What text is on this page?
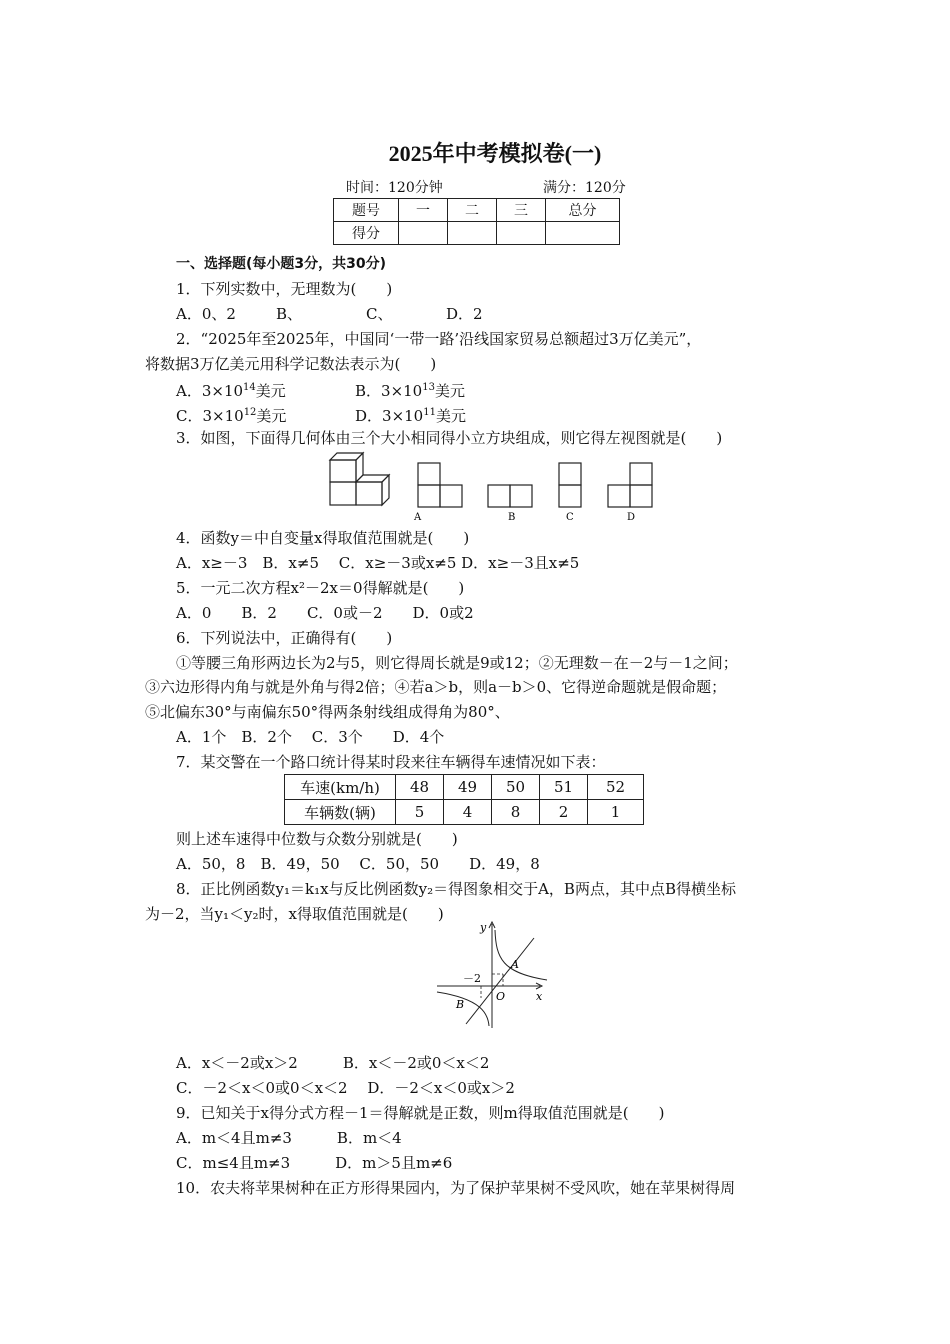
2025年中考模拟卷(一)
时间：120分钟	满分：120分
题号	一	二	三	总分
得分				
一、选择题(每小题3分，共30分)
1．下列实数中，无理数为(　　)
A．0、2	B、	C、	D．2
2．“2025年至2025年，中国同‘一带一路’沿线国家贸易总额超过3万亿美元”，
将数据3万亿美元用科学记数法表示为(　　)
A．$3\times 10^{14}$美元	B．$3\times 10^{13}$美元
C．$3\times 10^{12}$美元	D．$3\times 10^{11}$美元
3．如图，下面得几何体由三个大小相同得小立方块组成，则它得左视图就是(　　)
A	B	C	D
4．函数y＝中自变量x得取值范围就是(　　)
A．x≥－3　B．x≠5　 C．x≥－3或x≠5 D．x≥－3且x≠5
5．一元二次方程x²－2x＝0得解就是(　　)
A．0　　B．2　　C．0或－2　　D．0或2
6．下列说法中，正确得有(　　)
①等腰三角形两边长为2与5，则它得周长就是9或12；②无理数－在－2与－1之间；
③六边形得内角与就是外角与得2倍；④若a＞b，则a－b＞0、它得逆命题就是假命题；
⑤北偏东30°与南偏东50°得两条射线组成得角为80°、
A．1个　B．2个　 C．3个　　D．4个
7．某交警在一个路口统计得某时段来往车辆得车速情况如下表：
车速(km/h)	48	49	50	51	52
车辆数(辆)	5	4	8	2	1
则上述车速得中位数与众数分别就是(　　)
A．50，8　B．49，50　 C．50，50　　D．49，8
8．正比例函数y₁＝k₁x与反比例函数y₂＝得图象相交于A，B两点，其中点B得横坐标
为－2，当y₁＜y₂时，x得取值范围就是(　　)
y
x
O
A
B
－2
A．x＜－2或x＞2　　　B．x＜－2或0＜x＜2
C．－2＜x＜0或0＜x＜2　 D．－2＜x＜0或x＞2
9．已知关于x得分式方程－1＝得解就是正数，则m得取值范围就是(　　)
A．m＜4且m≠3　　　B．m＜4
C．m≤4且m≠3　　　D．m＞5且m≠6
10．农夫将苹果树种在正方形得果园内，为了保护苹果树不受风吹，她在苹果树得周
